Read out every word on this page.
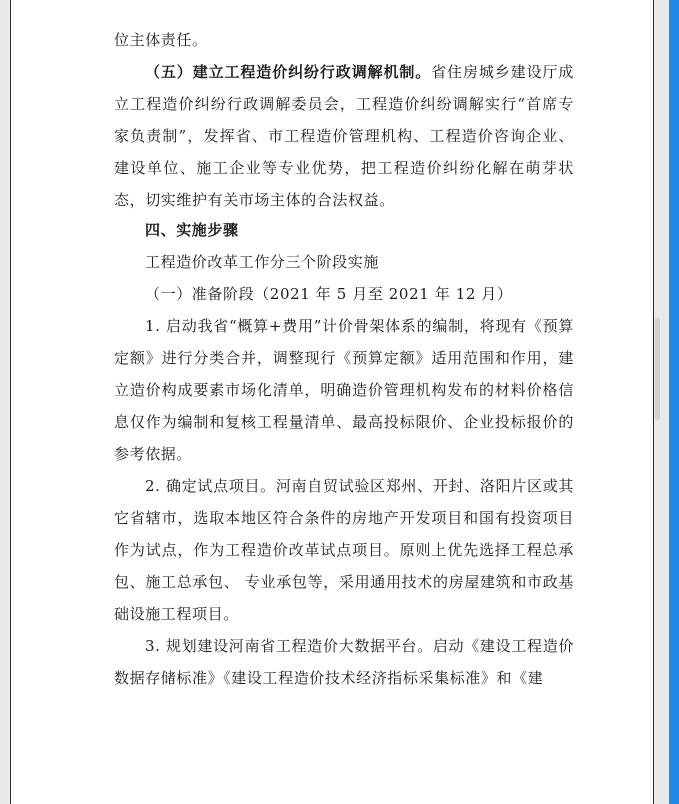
位主体责任。

（五）建立工程造价纠纷行政调解机制。省住房城乡建设厅成立工程造价纠纷行政调解委员会，工程造价纠纷调解实行“首席专家负责制”，发挥省、市工程造价管理机构、工程造价咨询企业、建设单位、施工企业等专业优势，把工程造价纠纷化解在萌芽状态，切实维护有关市场主体的合法权益。

四、实施步骤

工程造价改革工作分三个阶段实施

（一）准备阶段（2021 年 5 月至 2021 年 12 月）

1. 启动我省“概算+费用”计价骨架体系的编制，将现有《预算定额》进行分类合并，调整现行《预算定额》适用范围和作用，建立造价构成要素市场化清单，明确造价管理机构发布的材料价格信息仅作为编制和复核工程量清单、最高投标限价、企业投标报价的参考依据。

2. 确定试点项目。河南自贸试验区郑州、开封、洛阳片区或其它省辖市，选取本地区符合条件的房地产开发项目和国有投资项目作为试点，作为工程造价改革试点项目。原则上优先选择工程总承包、施工总承包、 专业承包等，采用通用技术的房屋建筑和市政基础设施工程项目。

3. 规划建设河南省工程造价大数据平台。启动《建设工程造价数据存储标准》《建设工程造价技术经济指标采集标准》和《建
